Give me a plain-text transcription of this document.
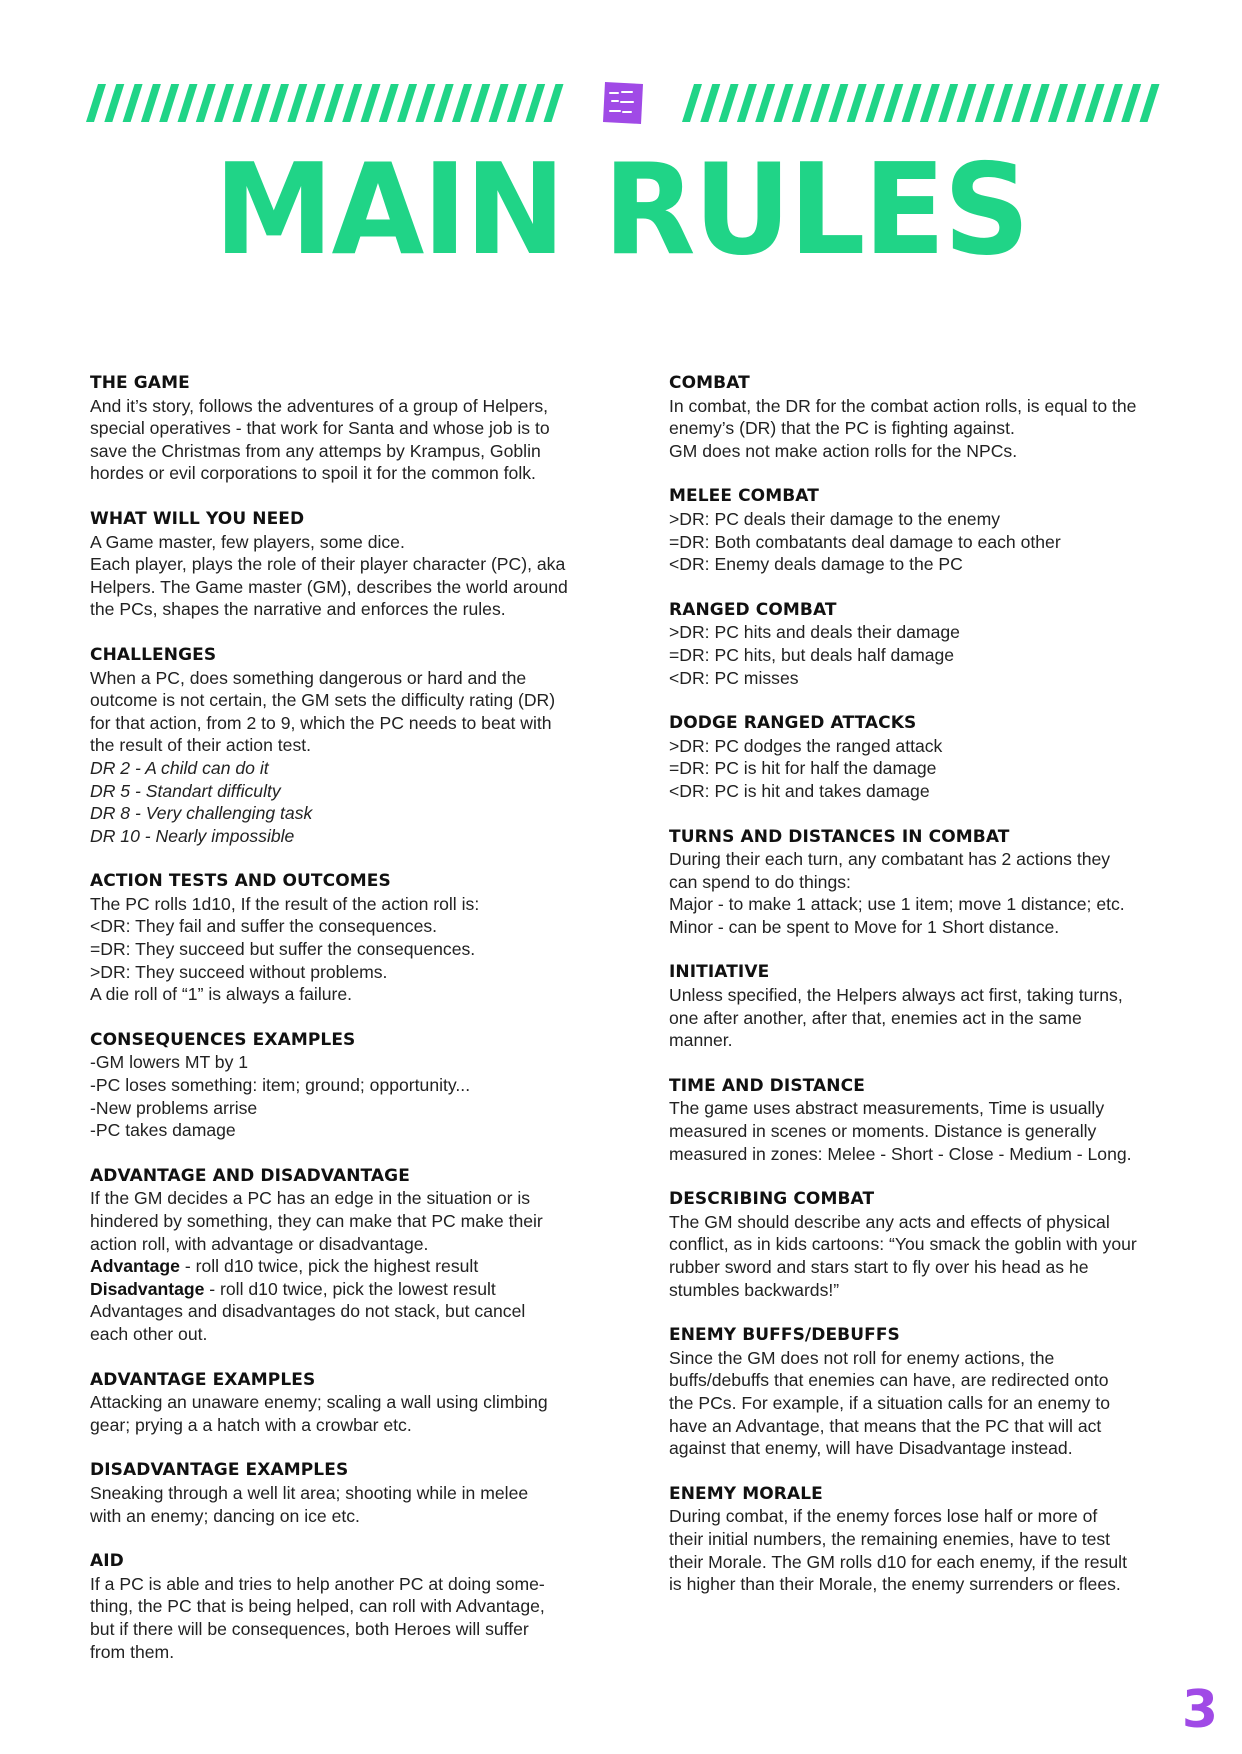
MAIN RULES
THE GAME

And it’s story, follows the adventures of a group of Helpers,

special operatives - that work for Santa and whose job is to

save the Christmas from any attemps by Krampus, Goblin

hordes or evil corporations to spoil it for the common folk.

WHAT WILL YOU NEED

A Game master, few players, some dice.

Each player, plays the role of their player character (PC), aka

Helpers. The Game master (GM), describes the world around

the PCs, shapes the narrative and enforces the rules.

CHALLENGES

When a PC, does something dangerous or hard and the

outcome is not certain, the GM sets the difficulty rating (DR)

for that action, from 2 to 9, which the PC needs to beat with

the result of their action test.

DR 2 - A child can do it

DR 5 - Standart difficulty

DR 8 - Very challenging task

DR 10 - Nearly impossible

ACTION TESTS AND OUTCOMES

The PC rolls 1d10, If the result of the action roll is:

<DR: They fail and suffer the consequences.

=DR: They succeed but suffer the consequences.

>DR: They succeed without problems.

A die roll of “1” is always a failure.

CONSEQUENCES EXAMPLES

-GM lowers MT by 1

-PC loses something: item; ground; opportunity...

-New problems arrise

-PC takes damage

ADVANTAGE AND DISADVANTAGE

If the GM decides a PC has an edge in the situation or is

hindered by something, they can make that PC make their

action roll, with advantage or disadvantage.

Advantage - roll d10 twice, pick the highest result

Disadvantage - roll d10 twice, pick the lowest result

Advantages and disadvantages do not stack, but cancel

each other out.

ADVANTAGE EXAMPLES

Attacking an unaware enemy; scaling a wall using climbing

gear; prying a a hatch with a crowbar etc.

DISADVANTAGE EXAMPLES

Sneaking through a well lit area; shooting while in melee

with an enemy; dancing on ice etc.

AID

If a PC is able and tries to help another PC at doing some-

thing, the PC that is being helped, can roll with Advantage,

but if there will be consequences, both Heroes will suffer

from them.

COMBAT

In combat, the DR for the combat action rolls, is equal to the

enemy’s (DR) that the PC is fighting against.

GM does not make action rolls for the NPCs.

MELEE COMBAT

>DR: PC deals their damage to the enemy

=DR: Both combatants deal damage to each other

<DR: Enemy deals damage to the PC

RANGED COMBAT

>DR: PC hits and deals their damage

=DR: PC hits, but deals half damage

<DR: PC misses

DODGE RANGED ATTACKS

>DR: PC dodges the ranged attack

=DR: PC is hit for half the damage

<DR: PC is hit and takes damage

TURNS AND DISTANCES IN COMBAT

During their each turn, any combatant has 2 actions they

can spend to do things:

Major - to make 1 attack; use 1 item; move 1 distance; etc.

Minor - can be spent to Move for 1 Short distance.

INITIATIVE

Unless specified, the Helpers always act first, taking turns,

one after another, after that, enemies act in the same

manner.

TIME AND DISTANCE

The game uses abstract measurements, Time is usually

measured in scenes or moments. Distance is generally

measured in zones: Melee - Short - Close - Medium - Long.

DESCRIBING COMBAT

The GM should describe any acts and effects of physical

conflict, as in kids cartoons: “You smack the goblin with your

rubber sword and stars start to fly over his head as he

stumbles backwards!”

ENEMY BUFFS/DEBUFFS

Since the GM does not roll for enemy actions, the

buffs/debuffs that enemies can have, are redirected onto

the PCs. For example, if a situation calls for an enemy to

have an Advantage, that means that the PC that will act

against that enemy, will have Disadvantage instead.

ENEMY MORALE

During combat, if the enemy forces lose half or more of

their initial numbers, the remaining enemies, have to test

their Morale. The GM rolls d10 for each enemy, if the result

is higher than their Morale, the enemy surrenders or flees.

3
